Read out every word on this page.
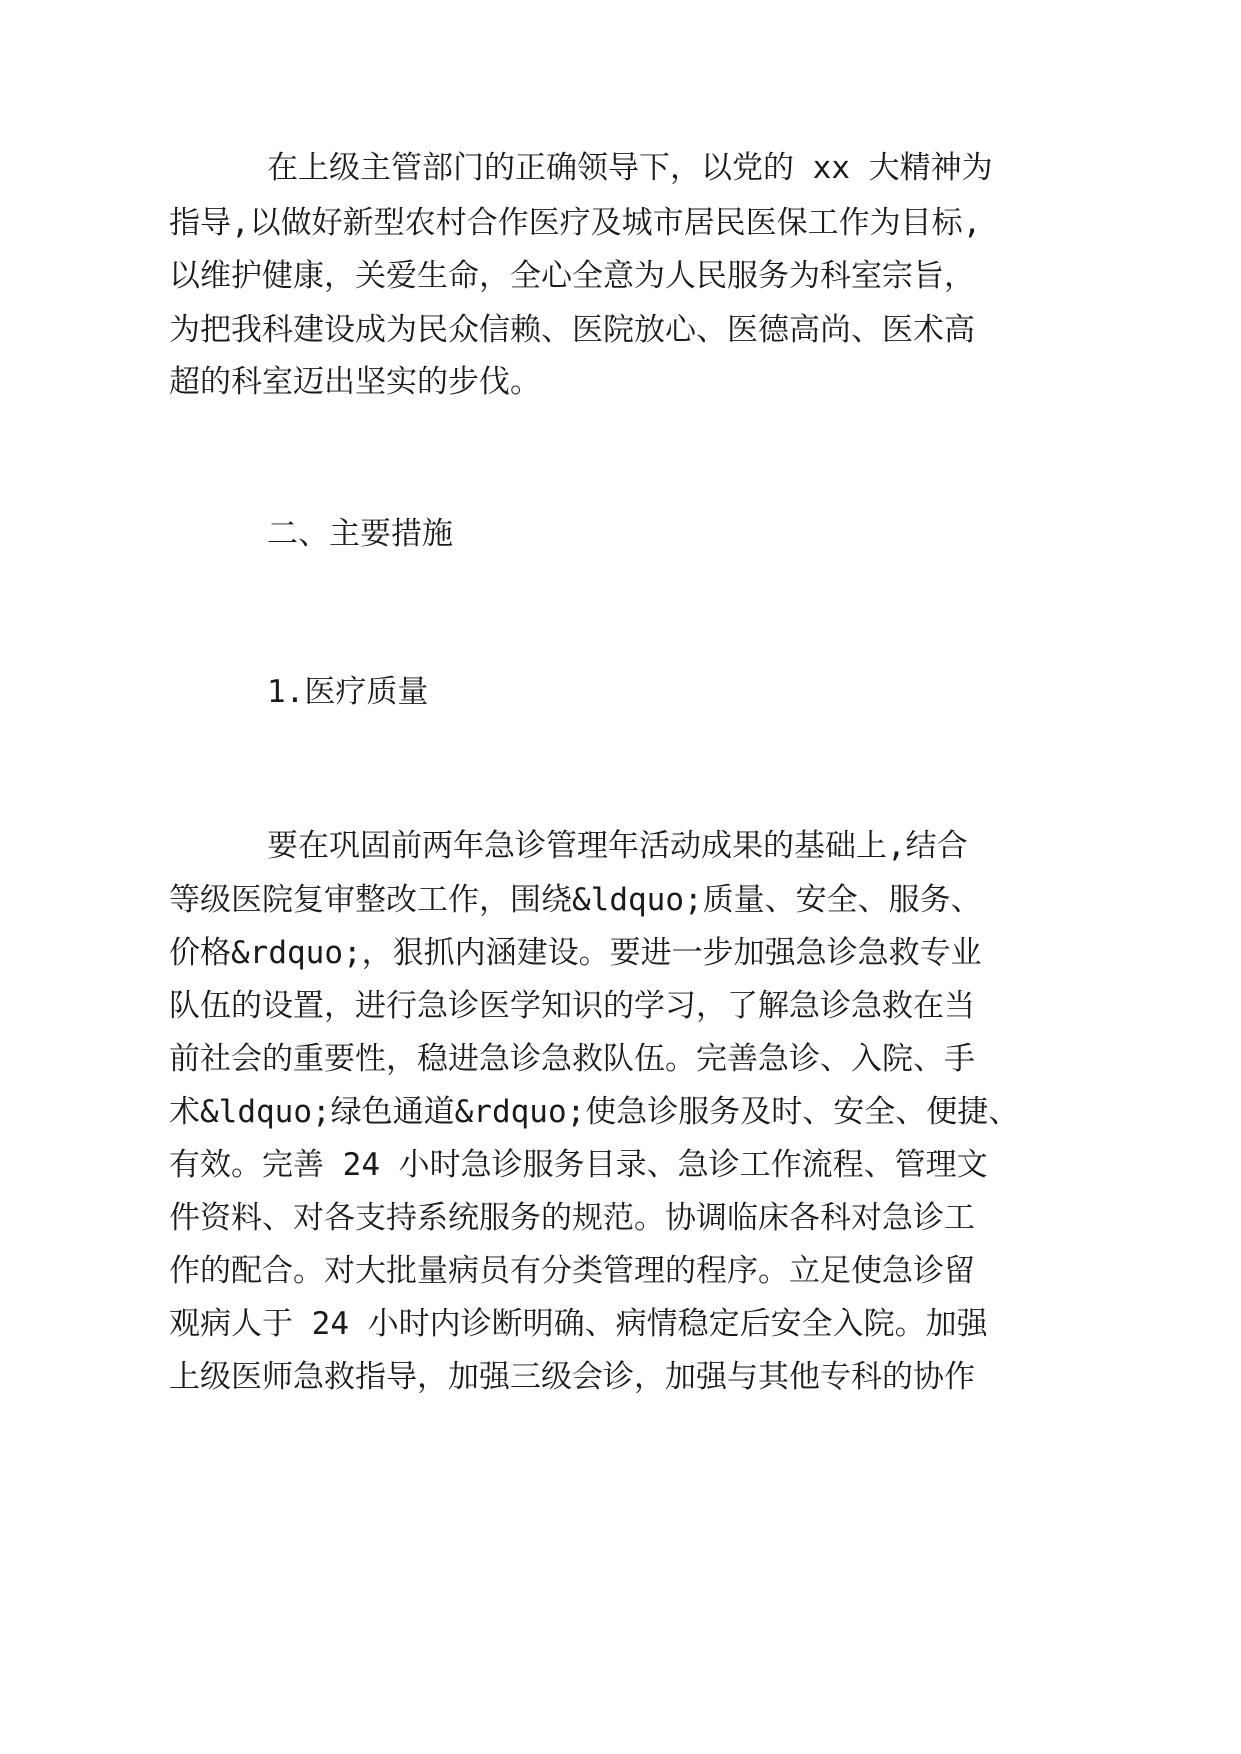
在上级主管部门的正确领导下，以党的 xx 大精神为

指导,以做好新型农村合作医疗及城市居民医保工作为目标,

以维护健康，关爱生命，全心全意为人民服务为科室宗旨，

为把我科建设成为民众信赖、医院放心、医德高尚、医术高

超的科室迈出坚实的步伐。

二、主要措施

1.医疗质量

要在巩固前两年急诊管理年活动成果的基础上,结合

等级医院复审整改工作，围绕&ldquo;质量、安全、服务、

价格&rdquo;，狠抓内涵建设。要进一步加强急诊急救专业

队伍的设置，进行急诊医学知识的学习，了解急诊急救在当

前社会的重要性，稳进急诊急救队伍。完善急诊、入院、手

术&ldquo;绿色通道&rdquo;使急诊服务及时、安全、便捷、

有效。完善 24 小时急诊服务目录、急诊工作流程、管理文

件资料、对各支持系统服务的规范。协调临床各科对急诊工

作的配合。对大批量病员有分类管理的程序。立足使急诊留

观病人于 24 小时内诊断明确、病情稳定后安全入院。加强

上级医师急救指导，加强三级会诊，加强与其他专科的协作
